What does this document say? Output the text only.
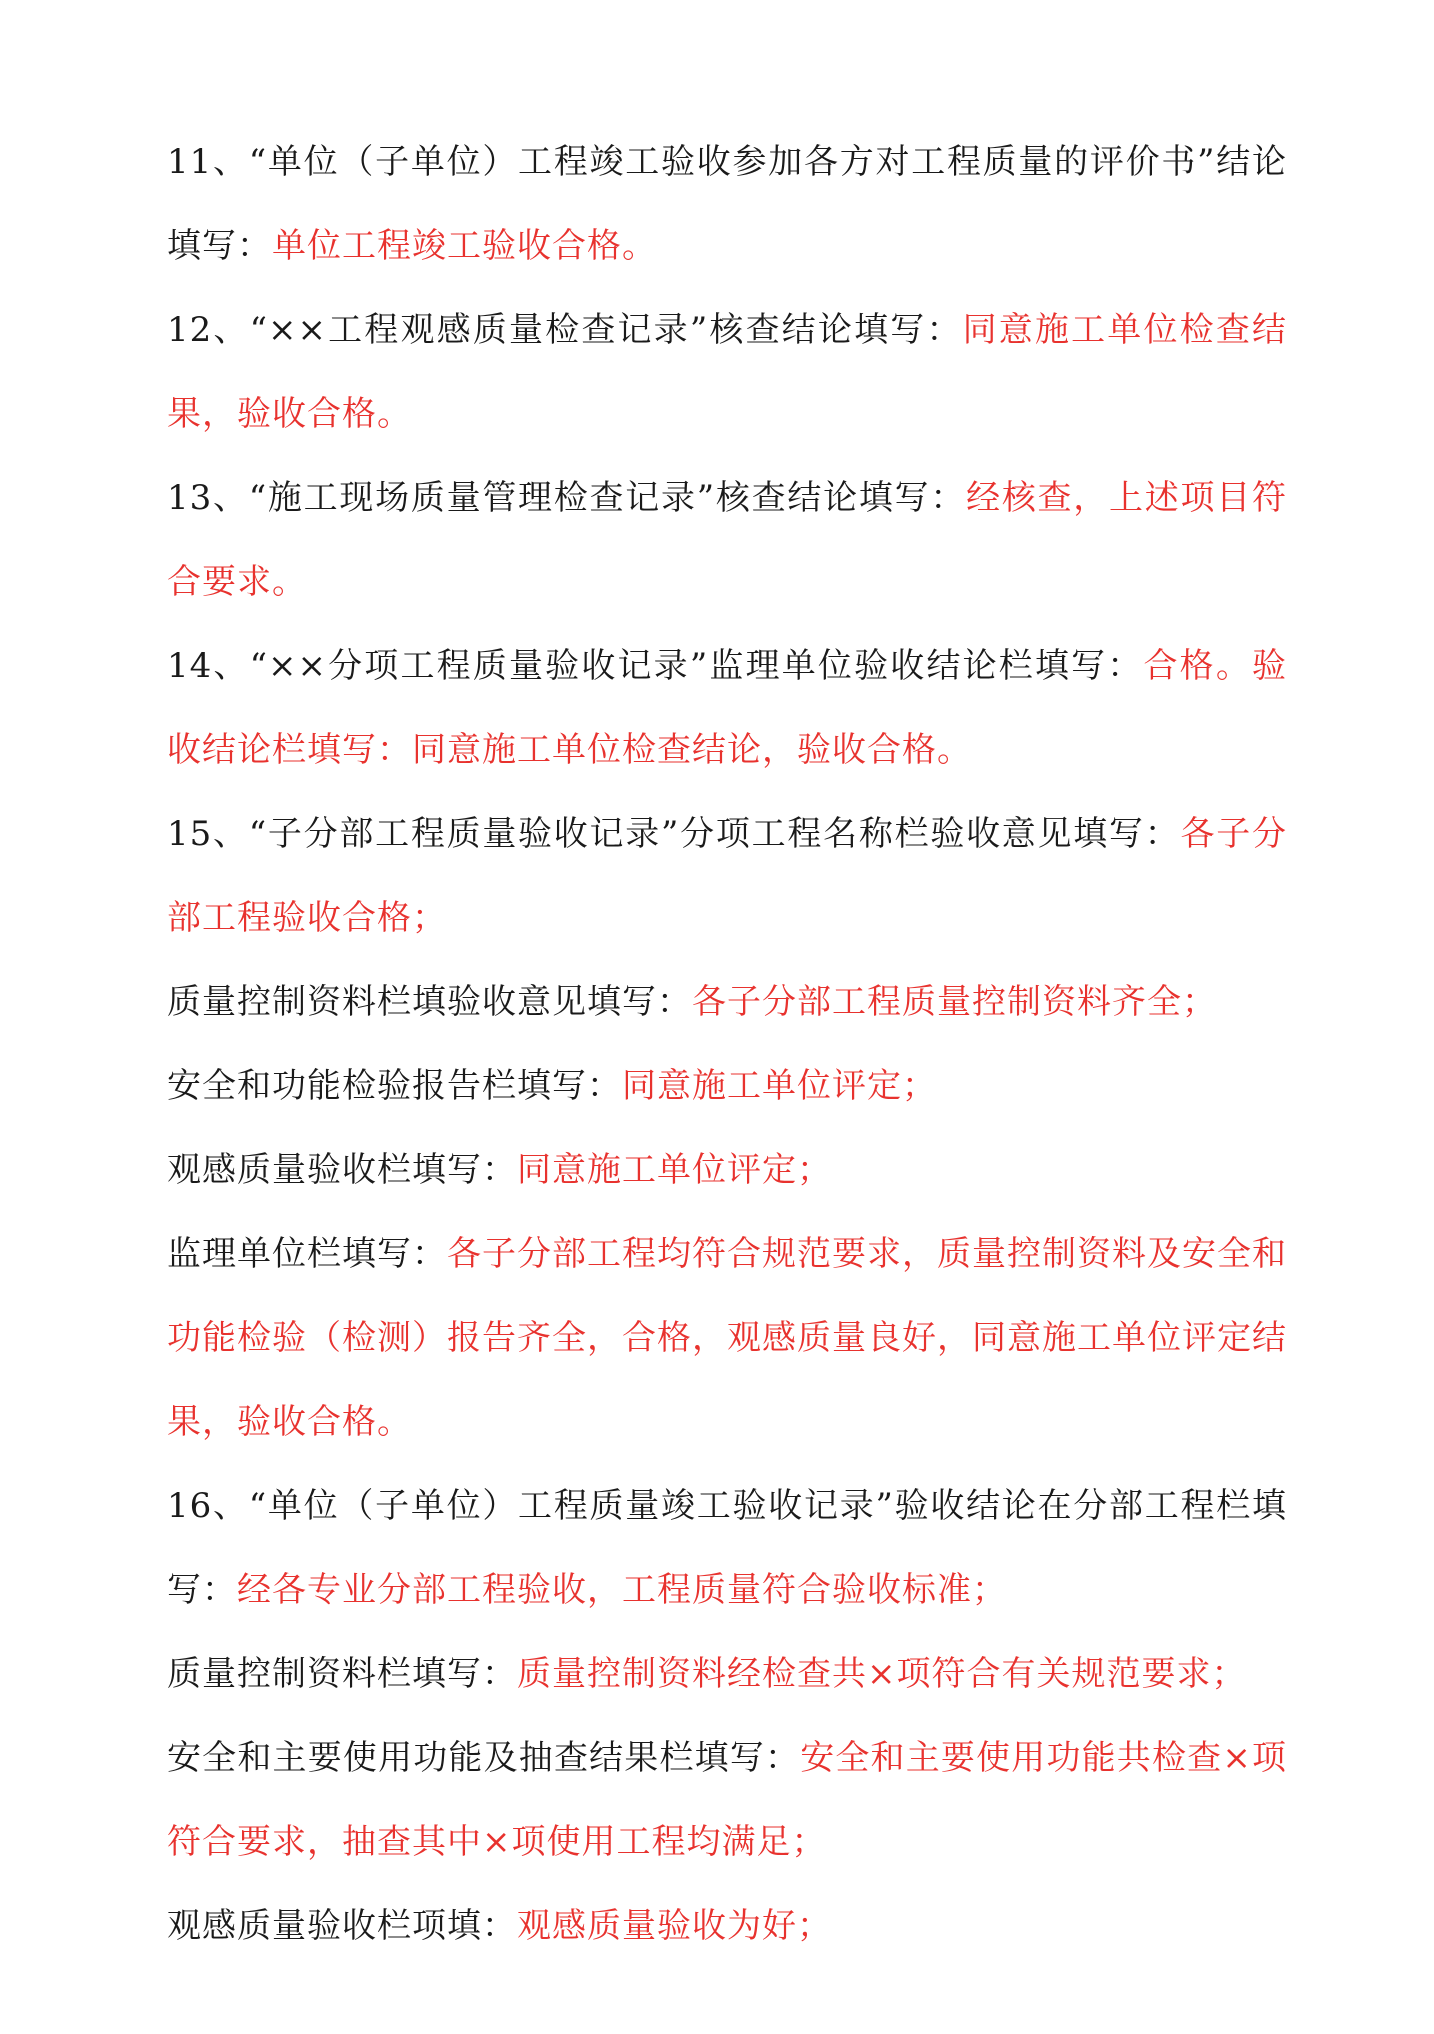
11、“单位（子单位）工程竣工验收参加各方对工程质量的评价书”结论填写：单位工程竣工验收合格。

12、“××工程观感质量检查记录”核查结论填写：同意施工单位检查结果，验收合格。

13、“施工现场质量管理检查记录”核查结论填写：经核查，上述项目符合要求。

14、“××分项工程质量验收记录”监理单位验收结论栏填写：合格。验收结论栏填写：同意施工单位检查结论，验收合格。

15、“子分部工程质量验收记录”分项工程名称栏验收意见填写：各子分部工程验收合格；

质量控制资料栏填验收意见填写：各子分部工程质量控制资料齐全；

安全和功能检验报告栏填写：同意施工单位评定；

观感质量验收栏填写：同意施工单位评定；

监理单位栏填写：各子分部工程均符合规范要求，质量控制资料及安全和功能检验（检测）报告齐全，合格，观感质量良好，同意施工单位评定结果，验收合格。

16、“单位（子单位）工程质量竣工验收记录”验收结论在分部工程栏填写：经各专业分部工程验收，工程质量符合验收标准；

质量控制资料栏填写：质量控制资料经检查共×项符合有关规范要求；

安全和主要使用功能及抽查结果栏填写：安全和主要使用功能共检查×项符合要求，抽查其中×项使用工程均满足；

观感质量验收栏项填：观感质量验收为好；
